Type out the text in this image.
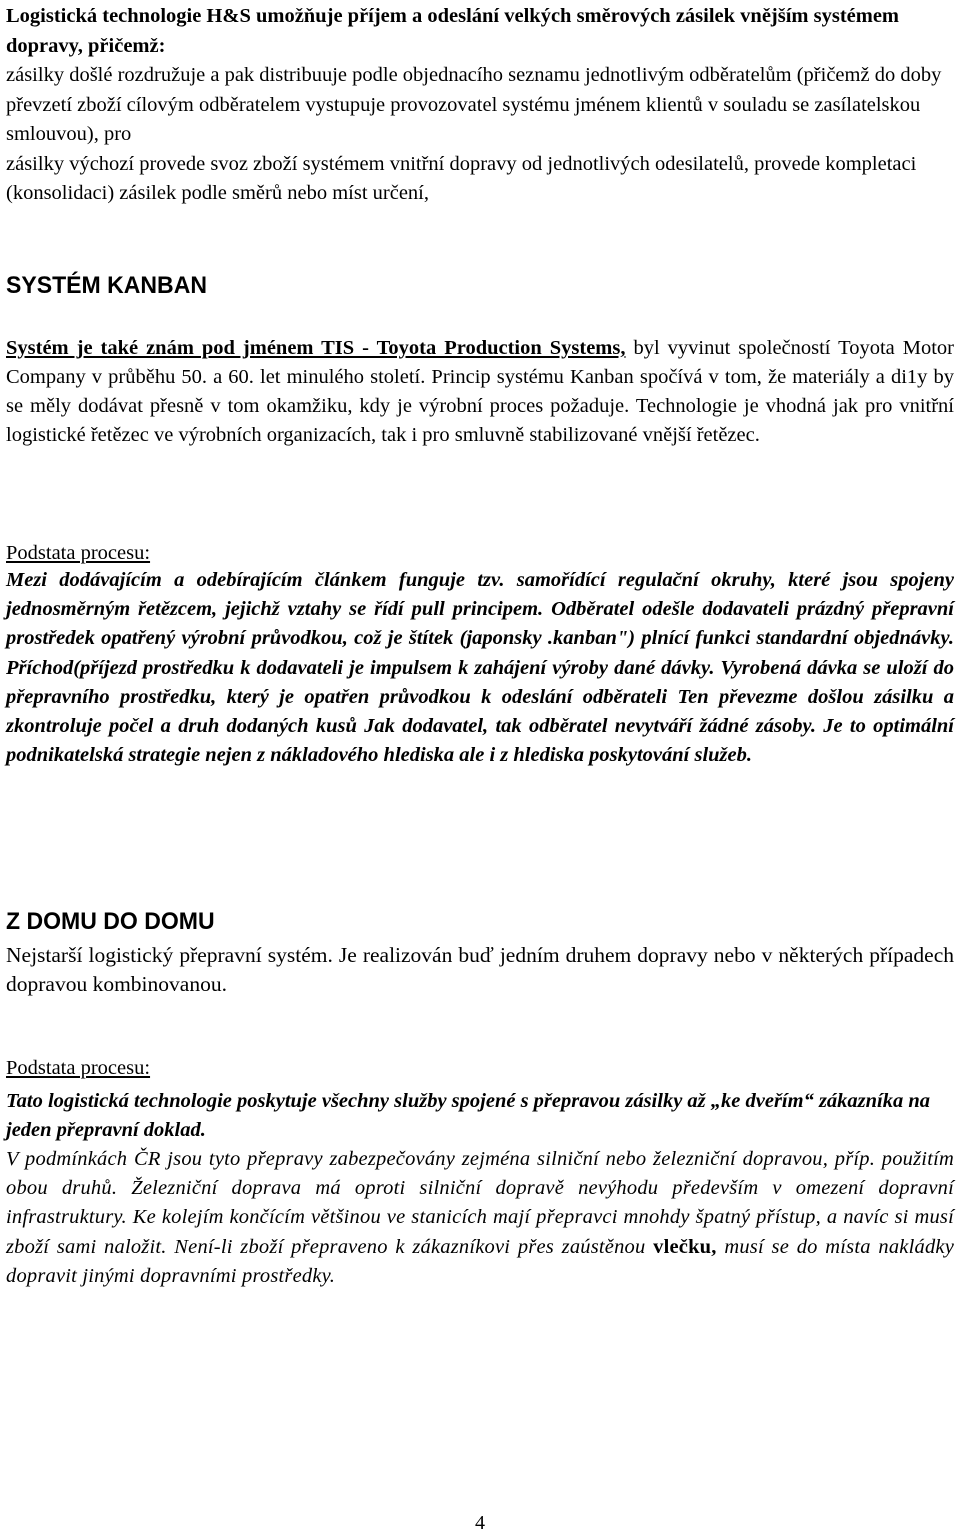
Logistická technologie H&S umožňuje příjem a odeslání velkých směrových zásilek vnějším systémem dopravy, přičemž:
zásilky došlé rozdružuje a pak distribuuje podle objednacího seznamu jednotlivým odběratelům (přičemž do doby převzetí zboží cílovým odběratelem vystupuje provozovatel systému jménem klientů v souladu se zasílatelskou smlouvou), pro
zásilky výchozí provede svoz zboží systémem vnitřní dopravy od jednotlivých odesilatelů, provede kompletaci (konsolidaci) zásilek podle směrů nebo míst určení,
SYSTÉM KANBAN

Systém je také znám pod jménem TIS - Toyota Production Systems, byl vyvinut společností Toyota Motor Company v průběhu 50. a 60. let minulého století. Princip systému Kanban spočívá v tom, že materiály a di1y by se měly dodávat přesně v tom okamžiku, kdy je výrobní proces požaduje. Technologie je vhodná jak pro vnitřní logistické řetězec ve výrobních organizacích, tak i pro smluvně stabilizované vnější řetězec.

Podstata procesu:

Mezi dodávajícím a odebírajícím článkem funguje tzv. samořídící regulační okruhy, které jsou spojeny jednosměrným řetězcem, jejichž vztahy se řídí pull principem. Odběratel odešle dodavateli prázdný přepravní prostředek opatřený výrobní průvodkou, což je štítek (japonsky .kanban") plnící funkci standardní objednávky. Příchod(příjezd prostředku k dodavateli je impulsem k zahájení výroby dané dávky. Vyrobená dávka se uloží do přepravního prostředku, který je opatřen průvodkou k odeslání odběrateli Ten převezme došlou zásilku a zkontroluje počel a druh dodaných kusů Jak dodavatel, tak odběratel nevytváří žádné zásoby. Je to optimální podnikatelská strategie nejen z nákladového hlediska ale i z hlediska poskytování služeb.

Z DOMU DO DOMU

Nejstarší logistický přepravní systém. Je realizován buď jedním druhem dopravy nebo v některých případech dopravou kombinovanou.

Podstata procesu:

Tato logistická technologie poskytuje všechny služby spojené s přepravou zásilky až „ke dveřím“ zákazníka na jeden přepravní doklad.

V podmínkách ČR jsou tyto přepravy zabezpečovány zejména silniční nebo železniční dopravou, příp. použitím obou druhů. Železniční doprava má oproti silniční dopravě nevýhodu především v omezení dopravní infrastruktury. Ke kolejím končícím většinou ve stanicích mají přepravci mnohdy špatný přístup, a navíc si musí zboží sami naložit. Není-li zboží přepraveno k zákazníkovi přes zaústěnou vlečku, musí se do místa nakládky dopravit jinými dopravními prostředky.

4
